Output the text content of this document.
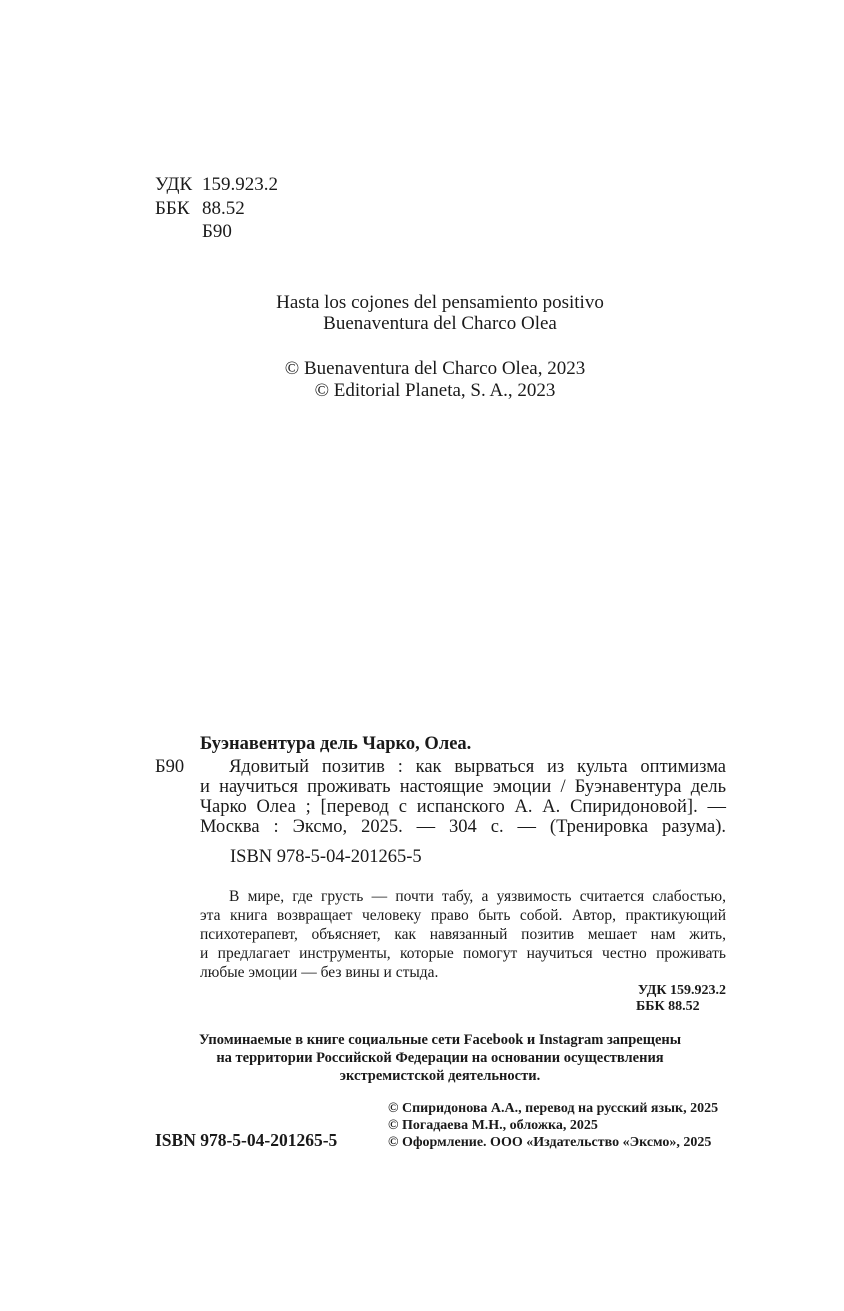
УДК 159.923.2
ББК 88.52
Б90
Hasta los cojones del pensamiento positivo
Buenaventura del Charco Olea
© Buenaventura del Charco Olea, 2023
© Editorial Planeta, S. A., 2023
Буэнавентура дель Чарко, Олеа.
Б90 Ядовитый позитив : как вырваться из культа оптимизма
и научиться проживать настоящие эмоции / Буэнавентура дель
Чарко Олеа ; [перевод с испанского А. А. Спиридоновой]. —
Москва : Эксмо, 2025. — 304 с. — (Тренировка разума).
ISBN 978-5-04-201265-5
В мире, где грусть — почти табу, а уязвимость считается слабостью,
эта книга возвращает человеку право быть собой. Автор, практикующий
психотерапевт, объясняет, как навязанный позитив мешает нам жить,
и предлагает инструменты, которые помогут научиться честно проживать
любые эмоции — без вины и стыда.
УДК 159.923.2
ББК 88.52
Упоминаемые в книге социальные сети Facebook и Instagram запрещены
на территории Российской Федерации на основании осуществления
экстремистской деятельности.
© Спиридонова А.А., перевод на русский язык, 2025
© Погадаева М.Н., обложка, 2025
© Оформление. ООО «Издательство «Эксмо», 2025
ISBN 978-5-04-201265-5
